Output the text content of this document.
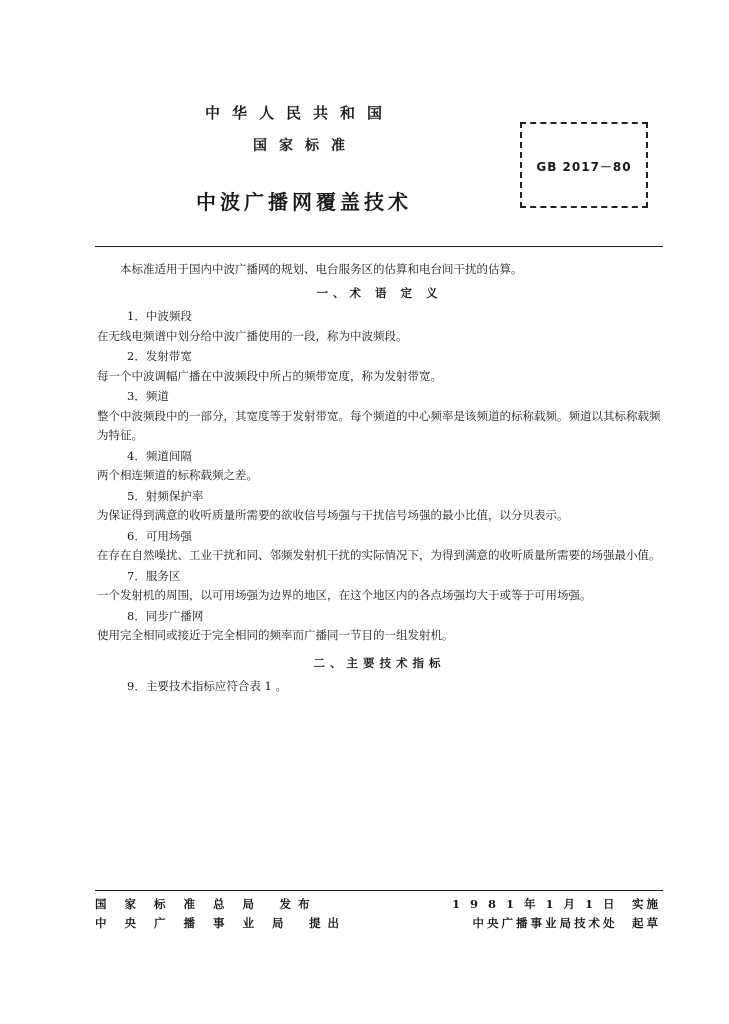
中华人民共和国
国家标准
中波广播网覆盖技术
GB 2017－80

本标准适用于国内中波广播网的规划、电台服务区的估算和电台间干扰的估算。

一、术 语 定 义

1．中波频段

在无线电频谱中划分给中波广播使用的一段，称为中波频段。

2．发射带宽

每一个中波调幅广播在中波频段中所占的频带宽度，称为发射带宽。

3．频道

整个中波频段中的一部分，其宽度等于发射带宽。每个频道的中心频率是该频道的标称载频。频道以其标称载频为特征。

4．频道间隔

两个相连频道的标称载频之差。

5．射频保护率

为保证得到满意的收听质量所需要的欲收信号场强与干扰信号场强的最小比值，以分贝表示。

6．可用场强

在存在自然噪扰、工业干扰和同、邻频发射机干扰的实际情况下，为得到满意的收听质量所需要的场强最小值。

7．服务区

一个发射机的周围，以可用场强为边界的地区，在这个地区内的各点场强均大于或等于可用场强。

8．同步广播网

使用完全相同或接近于完全相同的频率而广播同一节目的一组发射机。

二、主要技术指标

9．主要技术指标应符合表 1 。

国 家 标 准 总 局　发布
中 央 广 播 事 业 局　提出
1 9 8 1 年 1 月 1 日　实施
中央广播事业局技术处　起草
